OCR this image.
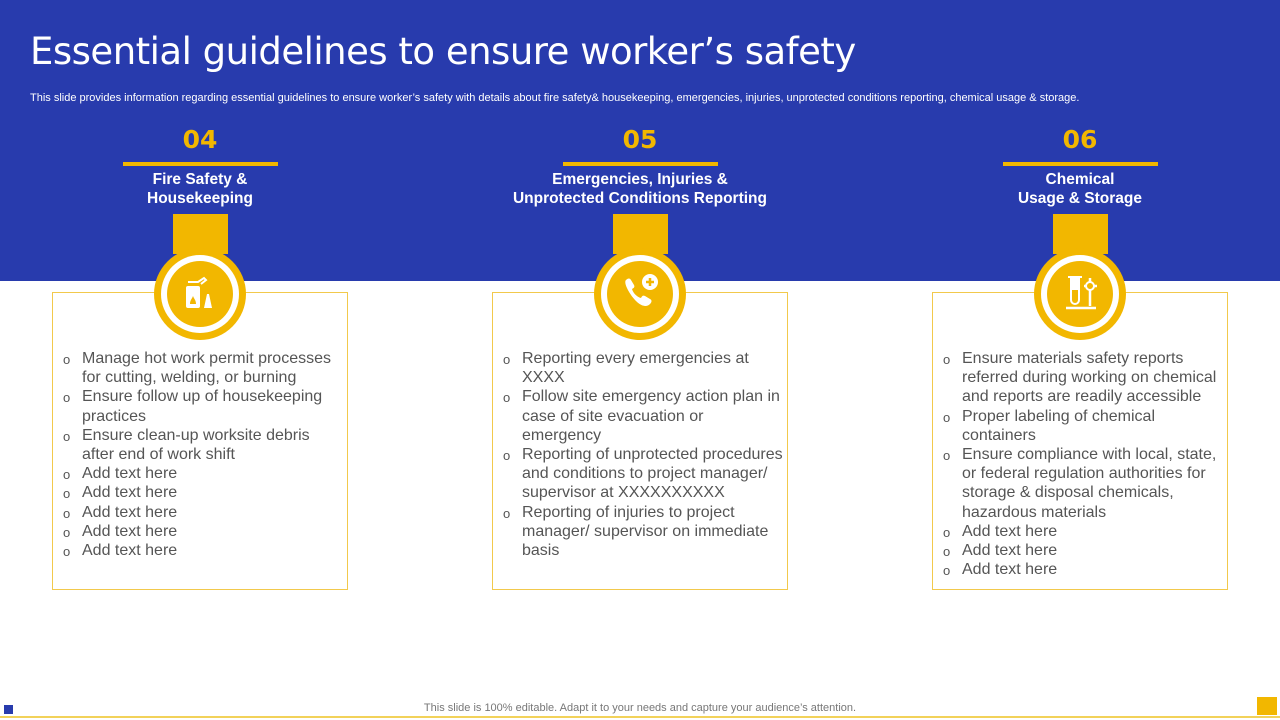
Essential guidelines to ensure worker’s safety
This slide provides information regarding essential guidelines to ensure worker’s safety with details about fire safety& housekeeping, emergencies, injuries, unprotected conditions reporting, chemical usage & storage.
04
Fire Safety &
Housekeeping
o Manage hot work permit processes for cutting, welding, or burning
o Ensure follow up of housekeeping practices
o Ensure clean-up worksite debris after end of work shift
o Add text here
o Add text here
o Add text here
o Add text here
o Add text here
05
Emergencies, Injuries &
Unprotected Conditions Reporting
o Reporting every emergencies at XXXX
o Follow site emergency action plan in case of site evacuation or emergency
o Reporting of unprotected procedures and conditions to project manager/ supervisor at XXXXXXXXXX
o Reporting of injuries to project manager/ supervisor on immediate basis
06
Chemical
Usage & Storage
o Ensure materials safety reports referred during working on chemical and reports are readily accessible
o Proper labeling of chemical containers
o Ensure compliance with local, state, or federal regulation authorities for storage & disposal chemicals, hazardous materials
o Add text here
o Add text here
o Add text here
This slide is 100% editable. Adapt it to your needs and capture your audience’s attention.
